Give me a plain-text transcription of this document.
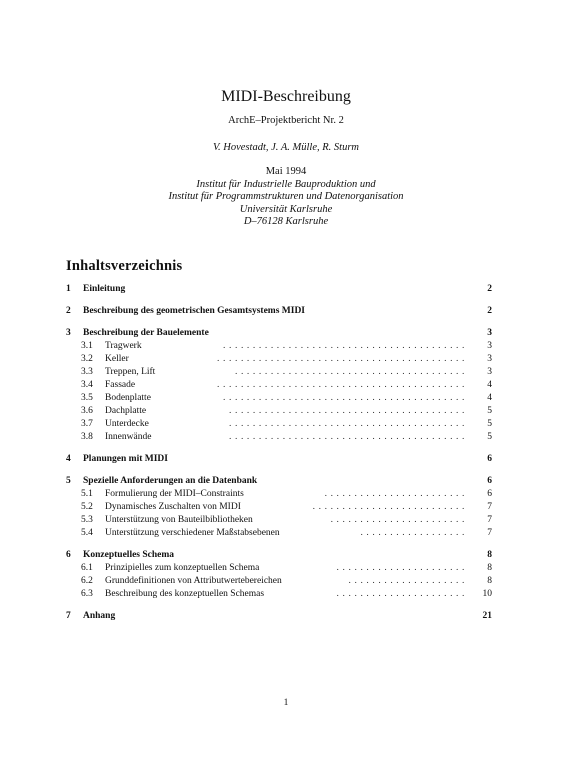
MIDI-Beschreibung
ArchE–Projektbericht Nr. 2
V. Hovestadt, J. A. Mülle, R. Sturm
Mai 1994
Institut für Industrielle Bauproduktion und
Institut für Programmstrukturen und Datenorganisation
Universität Karlsruhe
D–76128 Karlsruhe
Inhaltsverzeichnis
1 Einleitung	2
2 Beschreibung des geometrischen Gesamtsystems MIDI	2
3 Beschreibung der Bauelemente	3
3.1 Tragwerk	......................................... 3
3.2 Keller	.......................................... 3
3.3 Treppen, Lift	....................................... 3
3.4 Fassade	.......................................... 4
3.5 Bodenplatte	......................................... 4
3.6 Dachplatte	........................................ 5
3.7 Unterdecke	........................................ 5
3.8 Innenwände	........................................ 5
4 Planungen mit MIDI	6
5 Spezielle Anforderungen an die Datenbank	6
5.1 Formulierung der MIDI–Constraints	........................ 6
5.2 Dynamisches Zuschalten von MIDI	.......................... 7
5.3 Unterstützung von Bauteilbibliotheken	....................... 7
5.4 Unterstützung verschiedener Maßstabsebenen	.................. 7
6 Konzeptuelles Schema	8
6.1 Prinzipielles zum konzeptuellen Schema	...................... 8
6.2 Grunddefinitionen von Attributwertebereichen	.................... 8
6.3 Beschreibung des konzeptuellen Schemas	...................... 10
7 Anhang	21
1
